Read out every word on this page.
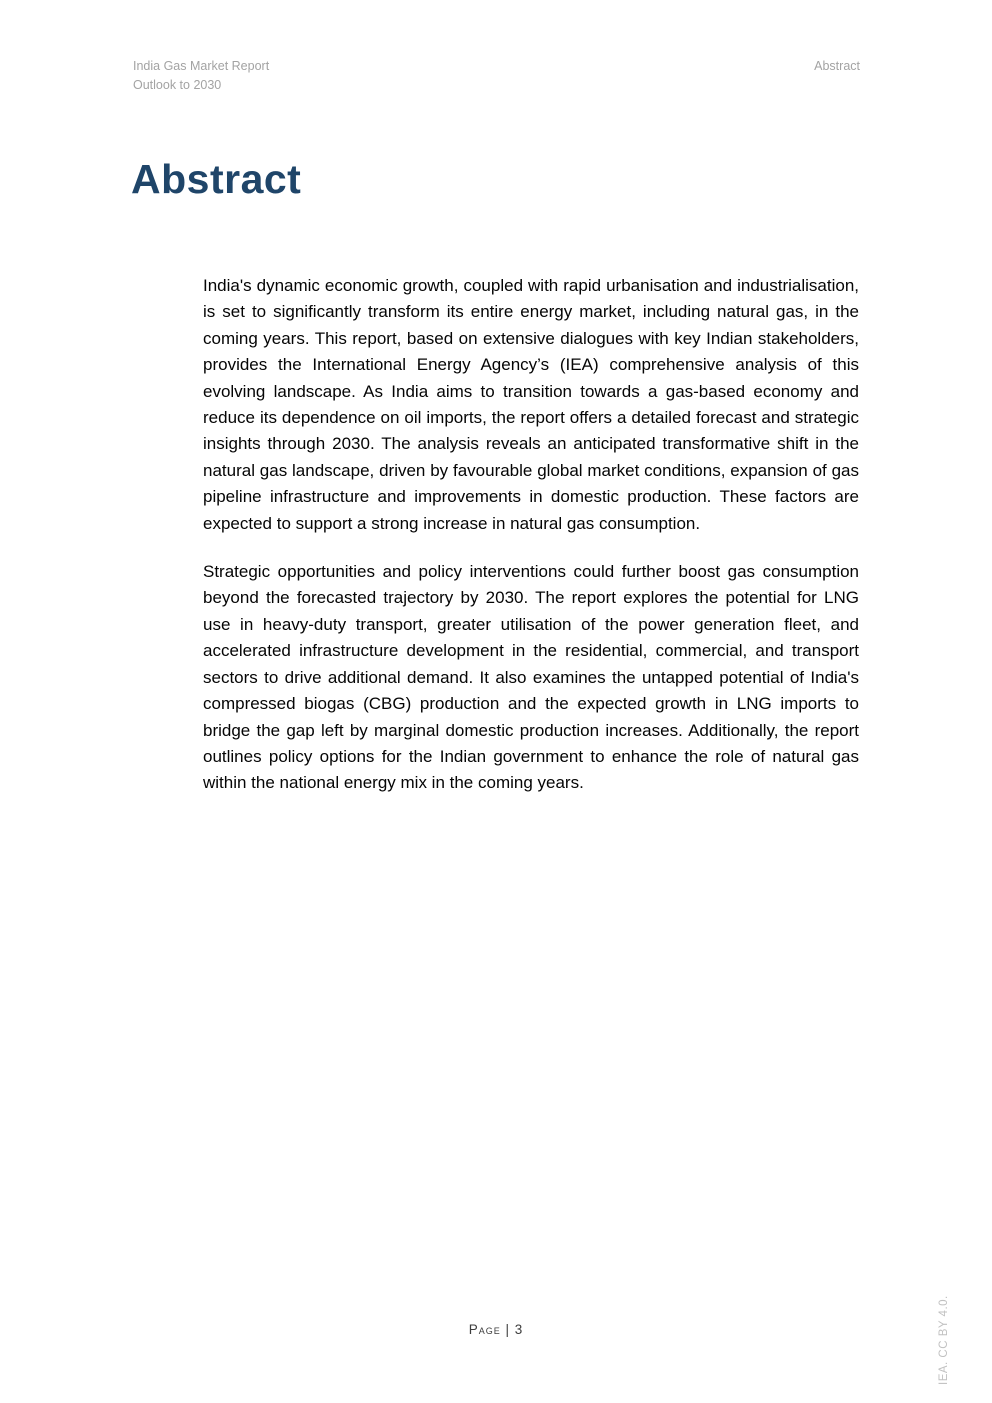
India Gas Market Report
Outlook to 2030
Abstract
Abstract

India's dynamic economic growth, coupled with rapid urbanisation and industrialisation, is set to significantly transform its entire energy market, including natural gas, in the coming years. This report, based on extensive dialogues with key Indian stakeholders, provides the International Energy Agency’s (IEA) comprehensive analysis of this evolving landscape. As India aims to transition towards a gas-based economy and reduce its dependence on oil imports, the report offers a detailed forecast and strategic insights through 2030. The analysis reveals an anticipated transformative shift in the natural gas landscape, driven by favourable global market conditions, expansion of gas pipeline infrastructure and improvements in domestic production. These factors are expected to support a strong increase in natural gas consumption.

Strategic opportunities and policy interventions could further boost gas consumption beyond the forecasted trajectory by 2030. The report explores the potential for LNG use in heavy-duty transport, greater utilisation of the power generation fleet, and accelerated infrastructure development in the residential, commercial, and transport sectors to drive additional demand. It also examines the untapped potential of India's compressed biogas (CBG) production and the expected growth in LNG imports to bridge the gap left by marginal domestic production increases. Additionally, the report outlines policy options for the Indian government to enhance the role of natural gas within the national energy mix in the coming years.

Page | 3	IEA. CC BY 4.0.
